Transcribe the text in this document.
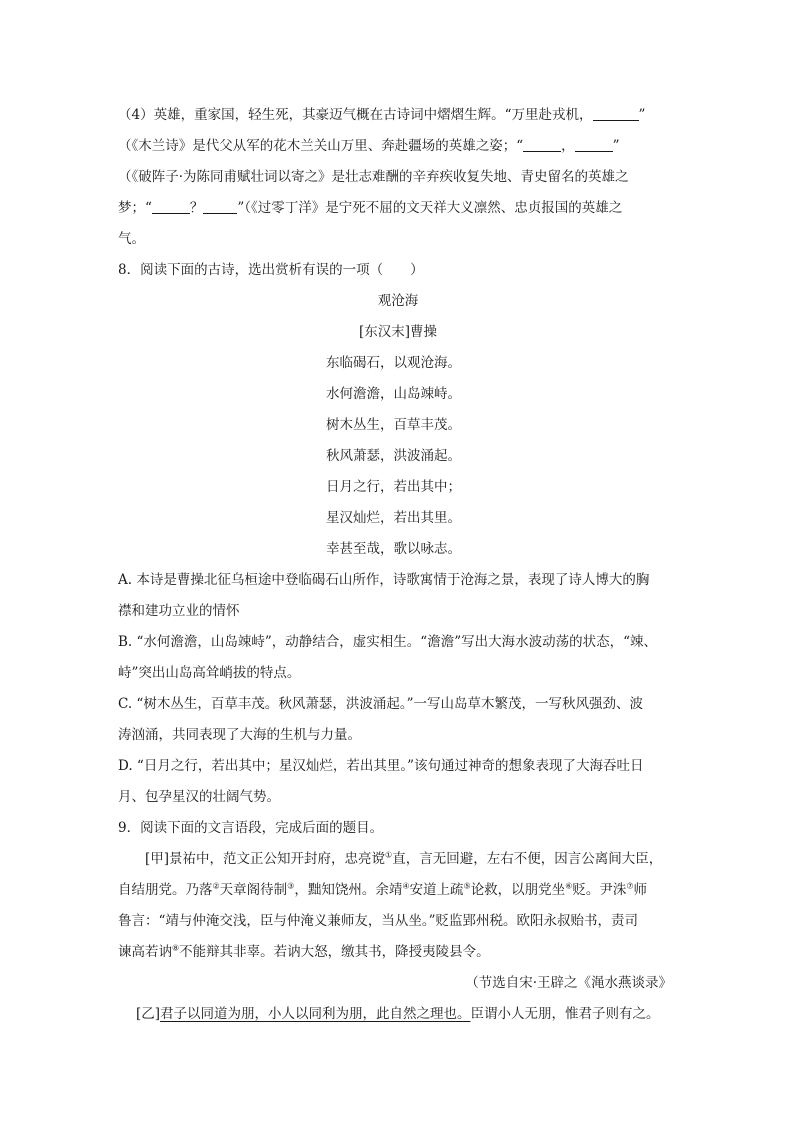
（4）英雄，重家国，轻生死，其豪迈气概在古诗词中熠熠生辉。“万里赴戎机，	”

（《木兰诗》是代父从军的花木兰关山万里、奔赴疆场的英雄之姿；“	，	”

（《破阵子·为陈同甫赋壮词以寄之》是壮志难酬的辛弃疾收复失地、青史留名的英雄之

梦；“	？	”（《过零丁洋》是宁死不屈的文天祥大义凛然、忠贞报国的英雄之

气。

8．阅读下面的古诗，选出赏析有误的一项（　　）

观沧海

[东汉末]曹操

东临碣石，以观沧海。

水何澹澹，山岛竦峙。

树木丛生，百草丰茂。

秋风萧瑟，洪波涌起。

日月之行，若出其中；

星汉灿烂，若出其里。

幸甚至哉，歌以咏志。

A. 本诗是曹操北征乌桓途中登临碣石山所作，诗歌寓情于沧海之景，表现了诗人博大的胸

襟和建功立业的情怀

B. “水何澹澹，山岛竦峙”，动静结合，虚实相生。“澹澹”写出大海水波动荡的状态，“竦、

峙”突出山岛高耸峭拔的特点。

C. “树木丛生，百草丰茂。秋风萧瑟，洪波涌起。”一写山岛草木繁茂，一写秋风强劲、波

涛汹涌，共同表现了大海的生机与力量。

D. “日月之行，若出其中；星汉灿烂，若出其里。”该句通过神奇的想象表现了大海吞吐日

月、包孕星汉的壮阔气势。

9．阅读下面的文言语段，完成后面的题目。

[甲]景祐中，范文正公知开封府，忠亮谠①直，言无回避，左右不便，因言公离间大臣，

自结朋党。乃落②天章阁待制③，黜知饶州。余靖④安道上疏⑤论救，以朋党坐⑥贬。尹洙⑦师

鲁言：“靖与仲淹交浅，臣与仲淹义兼师友，当从坐。”贬监郢州税。欧阳永叔贻书，责司

谏高若讷⑧不能辩其非辜。若讷大怒，缴其书，降授夷陵县令。

（节选自宋·王辟之《渑水燕谈录》

[乙]君子以同道为朋，小人以同利为朋，此自然之理也。臣谓小人无朋，惟君子则有之。
